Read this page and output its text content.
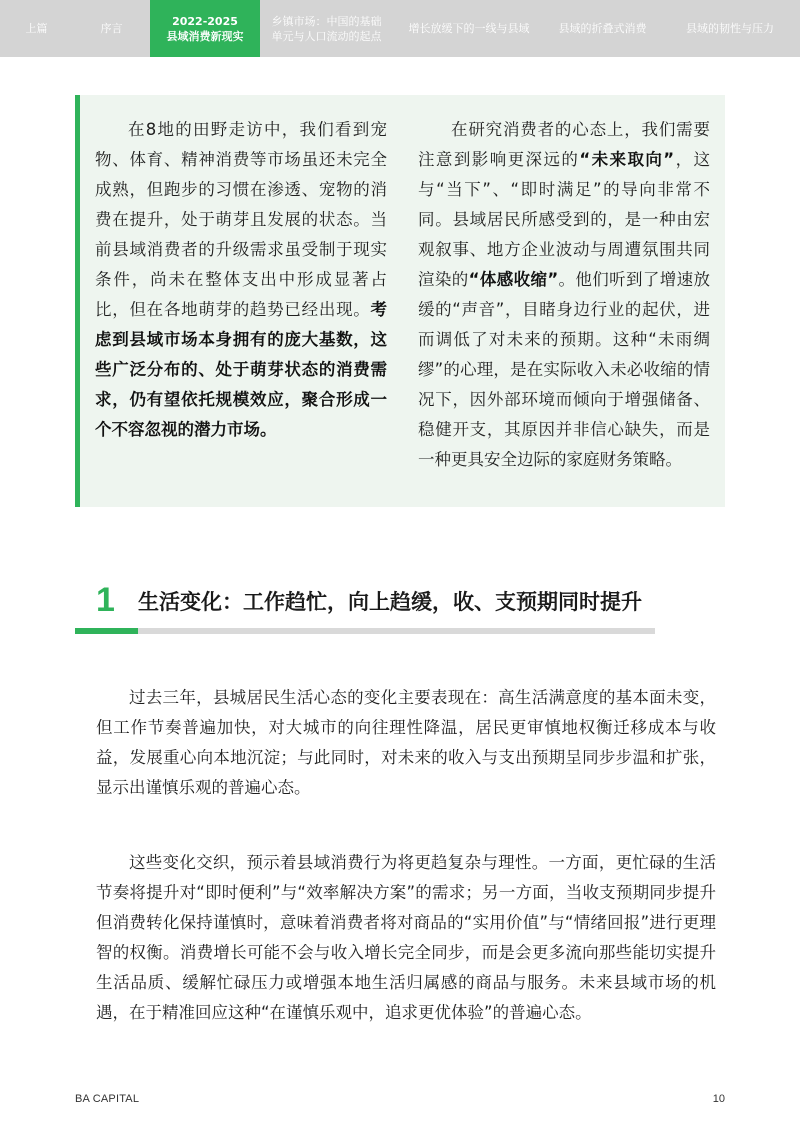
上篇	序言
2022-2025
县域消费新现实
乡镇市场：中国的基础
单元与人口流动的起点
增长放缓下的一线与县域	县域的折叠式消费	县域的韧性与压力

在8地的田野走访中，我们看到宠物、体育、精神消费等市场虽还未完全成熟，但跑步的习惯在渗透、宠物的消费在提升，处于萌芽且发展的状态。当前县域消费者的升级需求虽受制于现实条件，尚未在整体支出中形成显著占比，但在各地萌芽的趋势已经出现。考虑到县域市场本身拥有的庞大基数，这些广泛分布的、处于萌芽状态的消费需求，仍有望依托规模效应，聚合形成一个不容忽视的潜力市场。

在研究消费者的心态上，我们需要注意到影响更深远的“未来取向”，这与“当下”、“即时满足”的导向非常不同。县域居民所感受到的，是一种由宏观叙事、地方企业波动与周遭氛围共同渲染的“体感收缩”。他们听到了增速放缓的“声音”，目睹身边行业的起伏，进而调低了对未来的预期。这种“未雨绸缪”的心理，是在实际收入未必收缩的情况下，因外部环境而倾向于增强储备、稳健开支，其原因并非信心缺失，而是一种更具安全边际的家庭财务策略。

1 生活变化：工作趋忙，向上趋缓，收、支预期同时提升

过去三年，县城居民生活心态的变化主要表现在：高生活满意度的基本面未变，但工作节奏普遍加快，对大城市的向往理性降温，居民更审慎地权衡迁移成本与收益，发展重心向本地沉淀；与此同时，对未来的收入与支出预期呈同步步温和扩张，显示出谨慎乐观的普遍心态。

这些变化交织，预示着县域消费行为将更趋复杂与理性。一方面，更忙碌的生活节奏将提升对“即时便利”与“效率解决方案”的需求；另一方面，当收支预期同步提升但消费转化保持谨慎时，意味着消费者将对商品的“实用价值”与“情绪回报”进行更理智的权衡。消费增长可能不会与收入增长完全同步，而是会更多流向那些能切实提升生活品质、缓解忙碌压力或增强本地生活归属感的商品与服务。未来县域市场的机遇，在于精准回应这种“在谨慎乐观中，追求更优体验”的普遍心态。

BA CAPITAL	10
